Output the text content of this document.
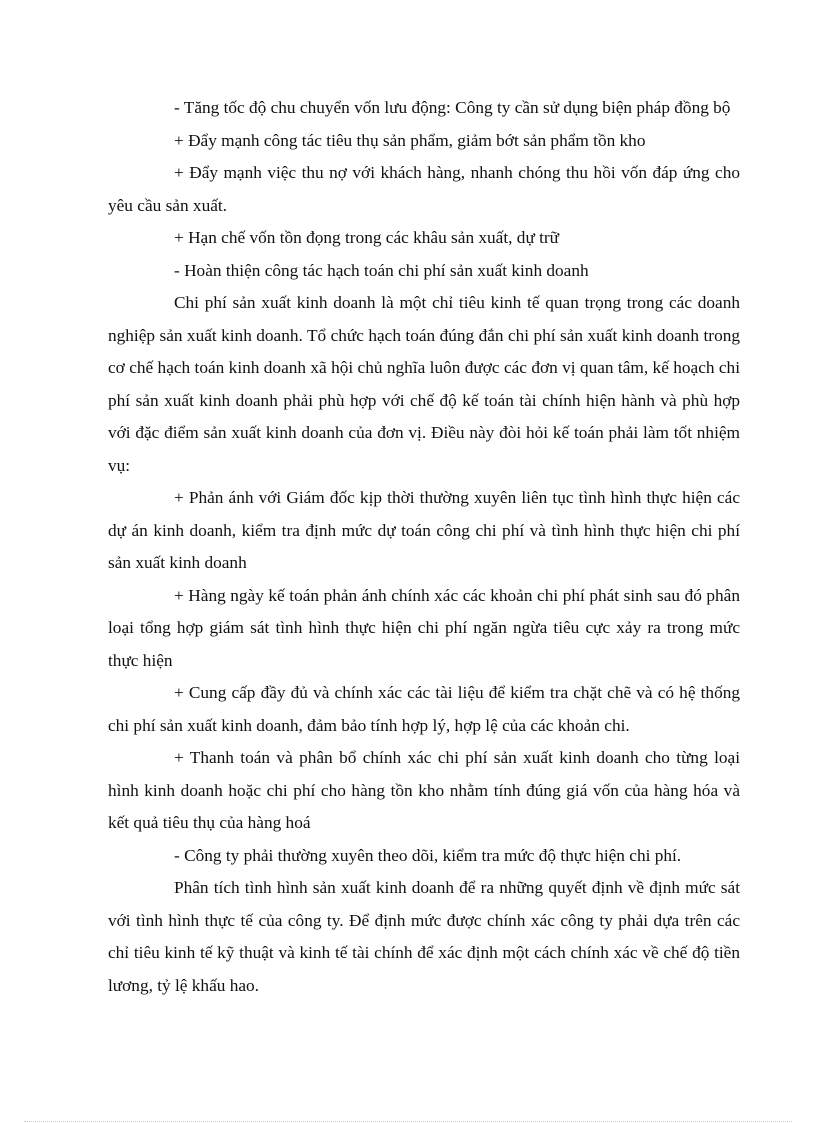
- Tăng tốc độ chu chuyển vốn lưu động: Công ty cần sử dụng biện pháp đồng bộ

+ Đẩy mạnh công tác tiêu thụ sản phẩm, giảm bớt sản phẩm tồn kho

+ Đẩy mạnh việc thu nợ với khách hàng, nhanh chóng thu hồi vốn đáp ứng cho yêu cầu sản xuất.

+ Hạn chế vốn tồn đọng trong các khâu sản xuất, dự trữ

- Hoàn thiện công tác hạch toán chi phí sản xuất kinh doanh

Chi phí sản xuất kinh doanh là một chỉ tiêu kinh tế quan trọng trong các doanh nghiệp sản xuất kinh doanh. Tổ chức hạch toán đúng đắn chi phí sản xuất kinh doanh trong cơ chế hạch toán kinh doanh xã hội chủ nghĩa luôn được các đơn vị quan tâm, kế hoạch chi phí sản xuất kinh doanh phải phù hợp với chế độ kế toán tài chính hiện hành và phù hợp với đặc điểm sản xuất kinh doanh của đơn vị. Điều này đòi hỏi kế toán phải làm tốt nhiệm vụ:

+ Phản ánh với Giám đốc kịp thời thường xuyên liên tục tình hình thực hiện các dự án kinh doanh, kiểm tra định mức dự toán công chi phí và tình hình thực hiện chi phí sản xuất kinh doanh

+ Hàng ngày kế toán phản ánh chính xác các khoản chi phí phát sinh sau đó phân loại tổng hợp giám sát tình hình thực hiện chi phí ngăn ngừa tiêu cực xảy ra trong mức thực hiện

+ Cung cấp đầy đủ và chính xác các tài liệu để kiểm tra chặt chẽ và có hệ thống chi phí sản xuất kinh doanh, đảm bảo tính hợp lý, hợp lệ của các khoản chi.

+ Thanh toán và phân bổ chính xác chi phí sản xuất kinh doanh cho từng loại hình kinh doanh hoặc chi phí cho hàng tồn kho nhằm tính đúng giá vốn của hàng hóa và kết quả tiêu thụ của hàng hoá

- Công ty phải thường xuyên theo dõi, kiểm tra mức độ thực hiện chi phí.

Phân tích tình hình sản xuất kinh doanh để ra những quyết định về định mức sát với tình hình thực tế của công ty. Để định mức được chính xác công ty phải dựa trên các chỉ tiêu kinh tế kỹ thuật và kinh tế tài chính để xác định một cách chính xác về chế độ tiền lương, tỷ lệ khấu hao.
